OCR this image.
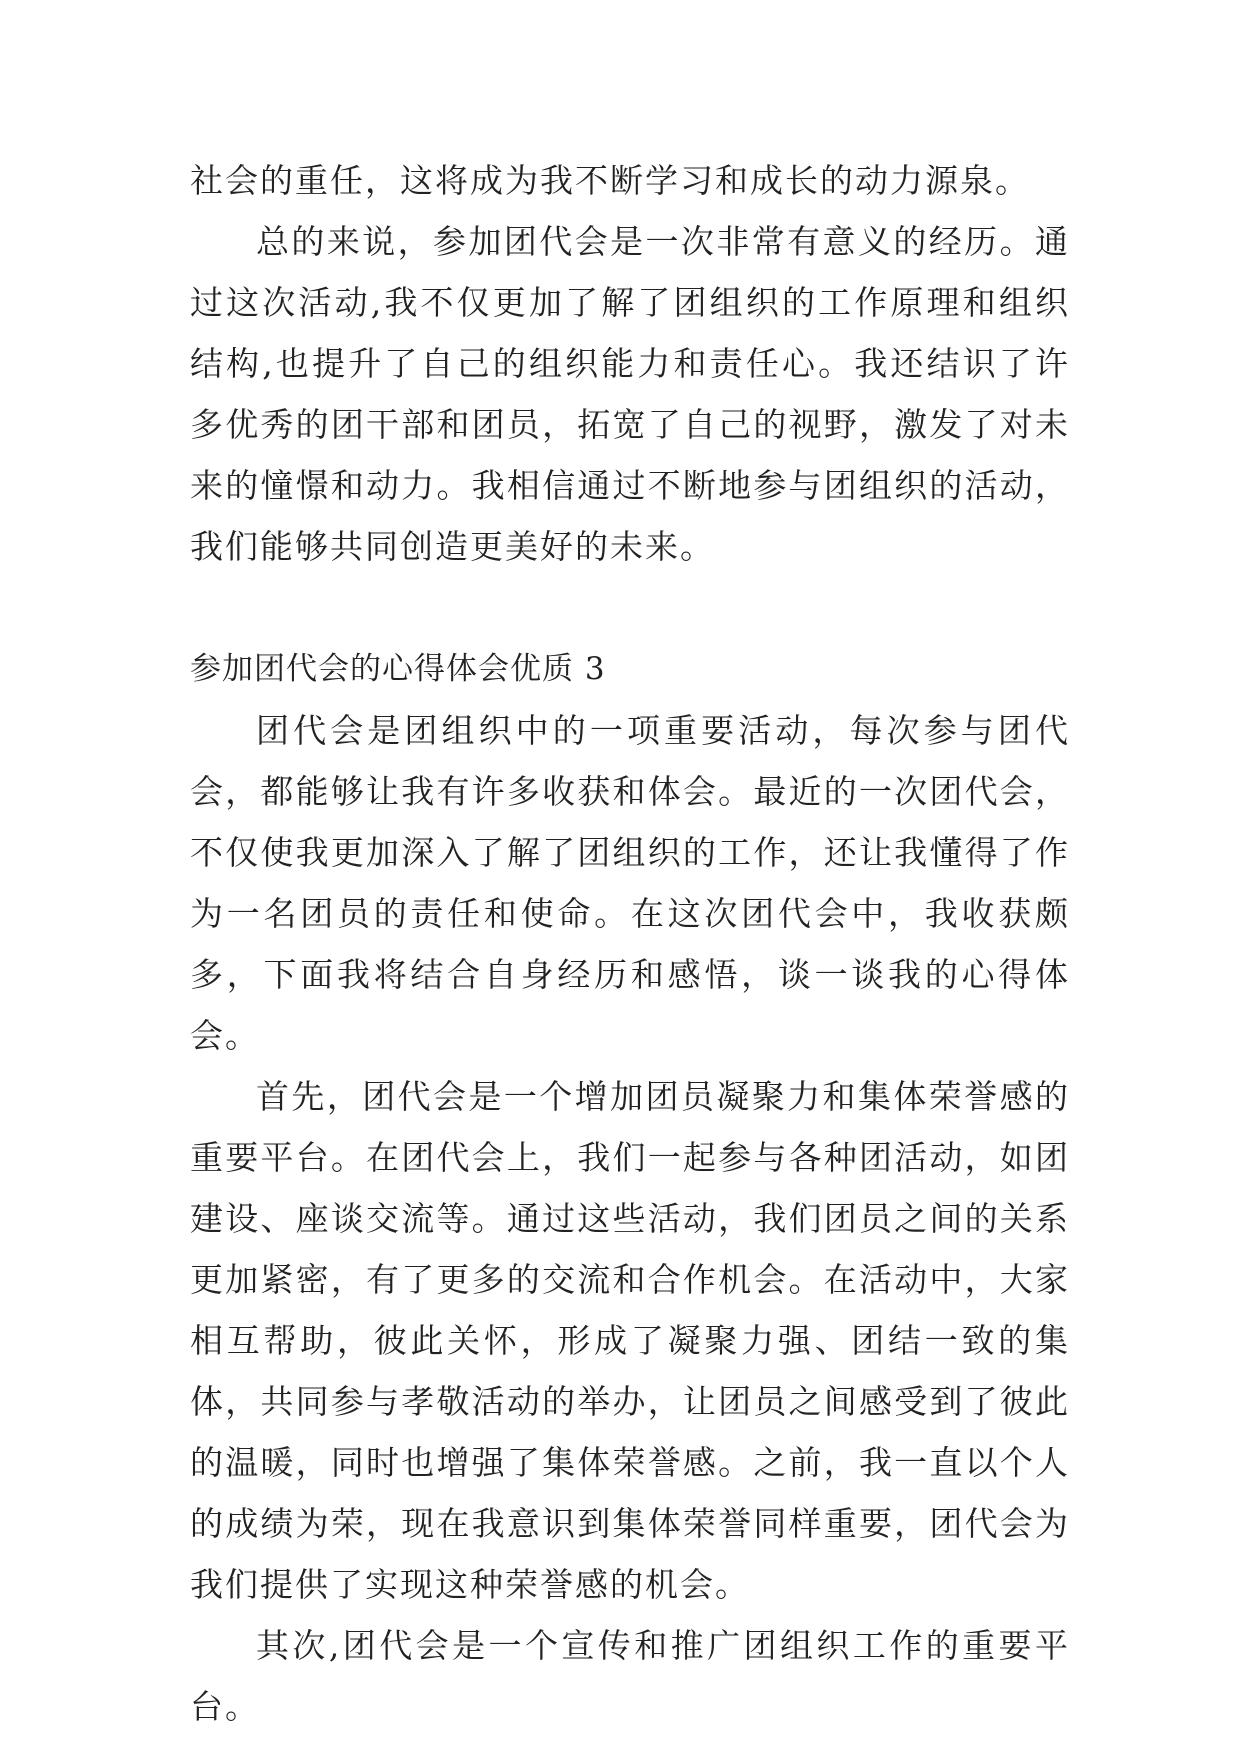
社会的重任，这将成为我不断学习和成长的动力源泉。

总的来说，参加团代会是一次非常有意义的经历。通过这次活动,我不仅更加了解了团组织的工作原理和组织结构,也提升了自己的组织能力和责任心。我还结识了许多优秀的团干部和团员，拓宽了自己的视野，激发了对未来的憧憬和动力。我相信通过不断地参与团组织的活动，我们能够共同创造更美好的未来。

参加团代会的心得体会优质 3

团代会是团组织中的一项重要活动，每次参与团代会，都能够让我有许多收获和体会。最近的一次团代会，不仅使我更加深入了解了团组织的工作，还让我懂得了作为一名团员的责任和使命。在这次团代会中，我收获颇多，下面我将结合自身经历和感悟，谈一谈我的心得体会。

首先，团代会是一个增加团员凝聚力和集体荣誉感的重要平台。在团代会上，我们一起参与各种团活动，如团建设、座谈交流等。通过这些活动，我们团员之间的关系更加紧密，有了更多的交流和合作机会。在活动中，大家相互帮助，彼此关怀，形成了凝聚力强、团结一致的集体，共同参与孝敬活动的举办，让团员之间感受到了彼此的温暖，同时也增强了集体荣誉感。之前，我一直以个人的成绩为荣，现在我意识到集体荣誉同样重要，团代会为我们提供了实现这种荣誉感的机会。

其次,团代会是一个宣传和推广团组织工作的重要平台。
